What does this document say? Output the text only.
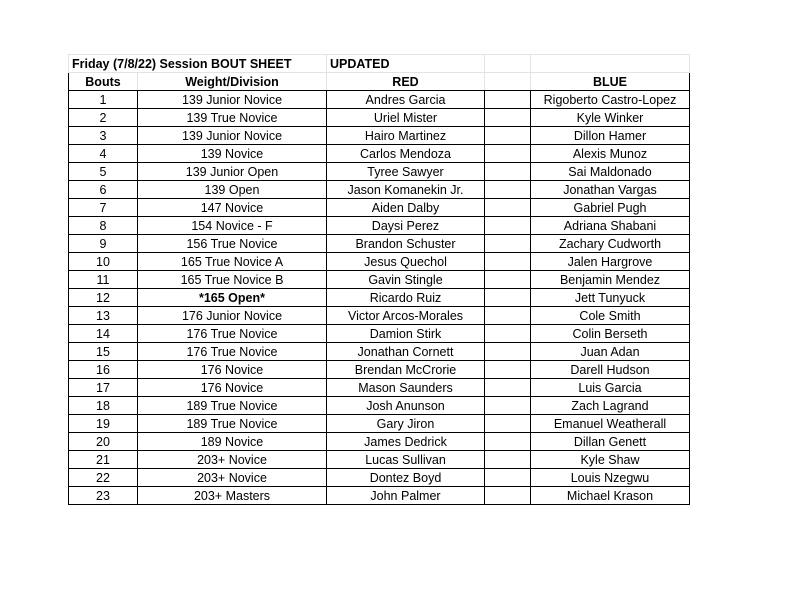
Friday (7/8/22) Session BOUT SHEET		UPDATED		
Bouts	Weight/Division	RED		BLUE
1	139 Junior Novice	Andres Garcia		Rigoberto Castro-Lopez
2	139 True Novice	Uriel Mister		Kyle Winker
3	139 Junior Novice	Hairo Martinez		Dillon Hamer
4	139 Novice	Carlos Mendoza		Alexis Munoz
5	139 Junior Open	Tyree Sawyer		Sai Maldonado
6	139 Open	Jason Komanekin Jr.		Jonathan Vargas
7	147 Novice	Aiden Dalby		Gabriel Pugh
8	154 Novice - F	Daysi Perez		Adriana Shabani
9	156 True Novice	Brandon Schuster		Zachary Cudworth
10	165 True Novice A	Jesus Quechol		Jalen Hargrove
11	165 True Novice B	Gavin Stingle		Benjamin Mendez
12	*165 Open*	Ricardo Ruiz		Jett Tunyuck
13	176 Junior Novice	Victor Arcos-Morales		Cole Smith
14	176 True Novice	Damion Stirk		Colin Berseth
15	176 True Novice	Jonathan Cornett		Juan Adan
16	176 Novice	Brendan McCrorie		Darell Hudson
17	176 Novice	Mason Saunders		Luis Garcia
18	189 True Novice	Josh Anunson		Zach Lagrand
19	189 True Novice	Gary Jiron		Emanuel Weatherall
20	189 Novice	James Dedrick		Dillan Genett
21	203+ Novice	Lucas Sullivan		Kyle Shaw
22	203+ Novice	Dontez Boyd		Louis Nzegwu
23	203+ Masters	John Palmer		Michael Krason
